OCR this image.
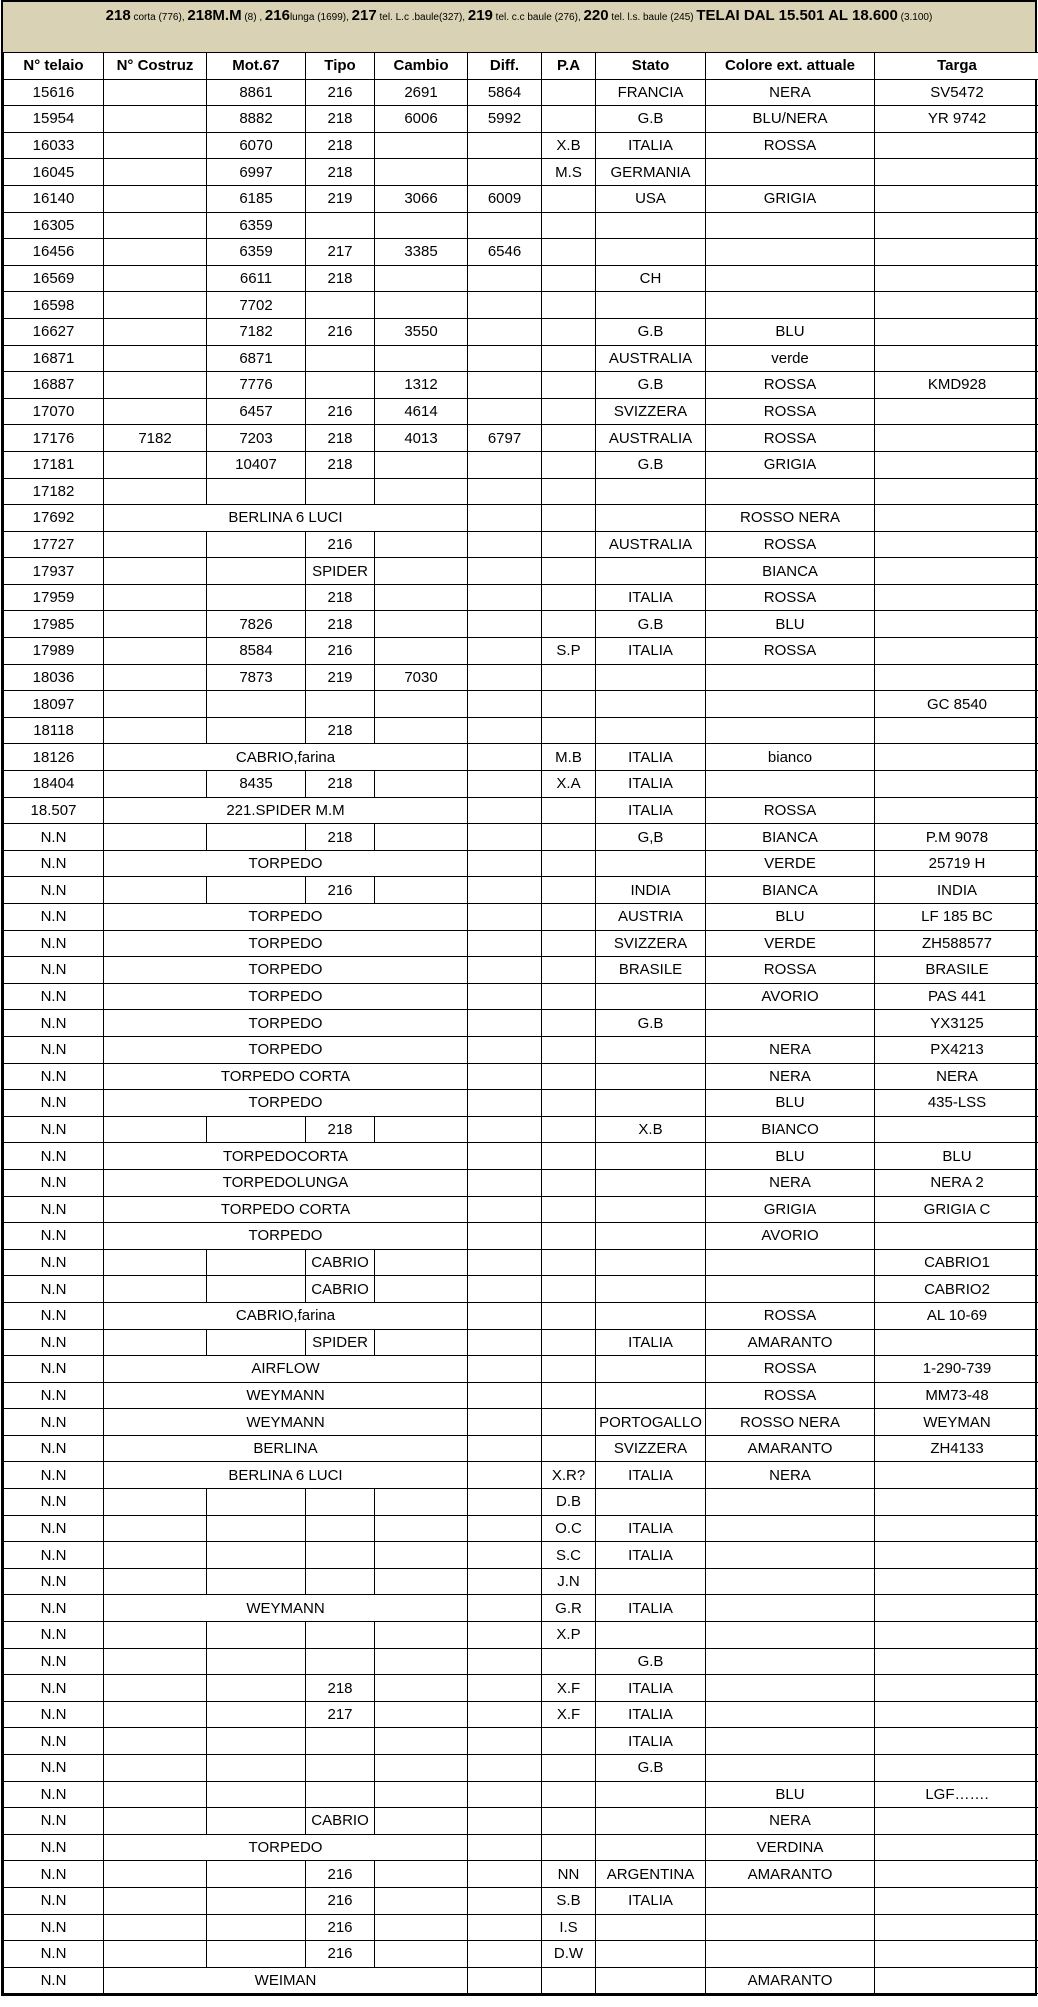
218 corta (776), 218M.M (8) , 216lunga (1699), 217 tel. L.c .baule(327), 219 tel. c.c baule (276), 220 tel. l.s. baule (245) TELAI DAL 15.501 AL 18.600 (3.100)
N° telaio	N° Costruz	Mot.67	Tipo	Cambio	Diff.	P.A	Stato	Colore ext. attuale	Targa
15616		8861	216	2691	5864		FRANCIA	NERA	SV5472
15954		8882	218	6006	5992		G.B	BLU/NERA	YR 9742
16033		6070	218			X.B	ITALIA	ROSSA	
16045		6997	218			M.S	GERMANIA		
16140		6185	219	3066	6009		USA	GRIGIA	
16305		6359							
16456		6359	217	3385	6546				
16569		6611	218				CH		
16598		7702							
16627		7182	216	3550			G.B	BLU	
16871		6871					AUSTRALIA	verde	
16887		7776		1312			G.B	ROSSA	KMD928
17070		6457	216	4614			SVIZZERA	ROSSA	
17176	7182	7203	218	4013	6797		AUSTRALIA	ROSSA	
17181		10407	218				G.B	GRIGIA	
17182									
17692	BERLINA 6 LUCI							ROSSO NERA	
17727			216				AUSTRALIA	ROSSA	
17937			SPIDER					BIANCA	
17959			218				ITALIA	ROSSA	
17985		7826	218				G.B	BLU	
17989		8584	216			S.P	ITALIA	ROSSA	
18036		7873	219	7030					
18097									GC 8540
18118			218						
18126	CABRIO,farina					M.B	ITALIA	bianco	
18404		8435	218			X.A	ITALIA		
18.507	221.SPIDER M.M						ITALIA	ROSSA	
N.N			218				G,B	BIANCA	P.M 9078
N.N	TORPEDO							VERDE	25719 H
N.N			216				INDIA	BIANCA	INDIA
N.N	TORPEDO						AUSTRIA	BLU	LF 185 BC
N.N	TORPEDO						SVIZZERA	VERDE	ZH588577
N.N	TORPEDO						BRASILE	ROSSA	BRASILE
N.N	TORPEDO							AVORIO	PAS 441
N.N	TORPEDO						G.B		YX3125
N.N	TORPEDO							NERA	PX4213
N.N	TORPEDO CORTA							NERA	NERA
N.N	TORPEDO							BLU	435-LSS
N.N			218				X.B	BIANCO	
N.N	TORPEDOCORTA							BLU	BLU
N.N	TORPEDOLUNGA							NERA	NERA 2
N.N	TORPEDO CORTA							GRIGIA	GRIGIA C
N.N	TORPEDO							AVORIO	
N.N			CABRIO						CABRIO1
N.N			CABRIO						CABRIO2
N.N	CABRIO,farina							ROSSA	AL 10-69
N.N			SPIDER				ITALIA	AMARANTO	
N.N	AIRFLOW							ROSSA	1-290-739
N.N	WEYMANN							ROSSA	MM73-48
N.N	WEYMANN						PORTOGALLO	ROSSO NERA	WEYMAN
N.N	BERLINA						SVIZZERA	AMARANTO	ZH4133
N.N	BERLINA 6 LUCI					X.R?	ITALIA	NERA	
N.N						D.B			
N.N						O.C	ITALIA		
N.N						S.C	ITALIA		
N.N						J.N			
N.N	WEYMANN					G.R	ITALIA		
N.N						X.P			
N.N							G.B		
N.N			218			X.F	ITALIA		
N.N			217			X.F	ITALIA		
N.N							ITALIA		
N.N							G.B		
N.N								BLU	LGF…….
N.N			CABRIO					NERA	
N.N	TORPEDO							VERDINA	
N.N			216			NN	ARGENTINA	AMARANTO	
N.N			216			S.B	ITALIA		
N.N			216			I.S			
N.N			216			D.W			
N.N	WEIMAN							AMARANTO	
